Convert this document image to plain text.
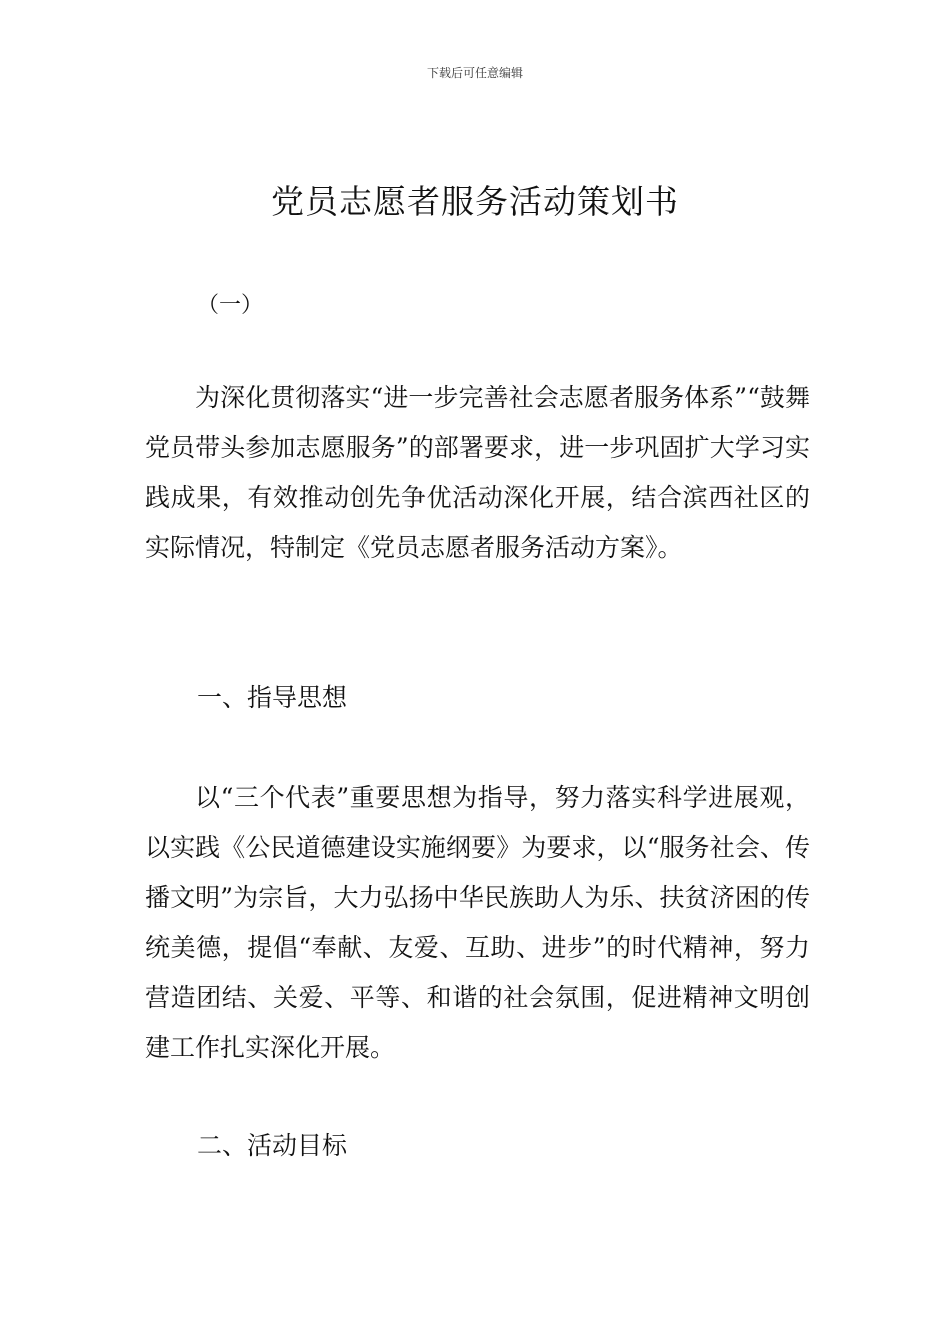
下载后可任意编辑
党员志愿者服务活动策划书
（一）

为深化贯彻落实“进一步完善社会志愿者服务体系”“鼓舞党员带头参加志愿服务”的部署要求，进一步巩固扩大学习实践成果，有效推动创先争优活动深化开展，结合滨西社区的实际情况，特制定《党员志愿者服务活动方案》。

一、指导思想

以“三个代表”重要思想为指导，努力落实科学进展观，以实践《公民道德建设实施纲要》为要求，以“服务社会、传播文明”为宗旨，大力弘扬中华民族助人为乐、扶贫济困的传统美德，提倡“奉献、友爱、互助、进步”的时代精神，努力营造团结、关爱、平等、和谐的社会氛围，促进精神文明创建工作扎实深化开展。

二、活动目标
